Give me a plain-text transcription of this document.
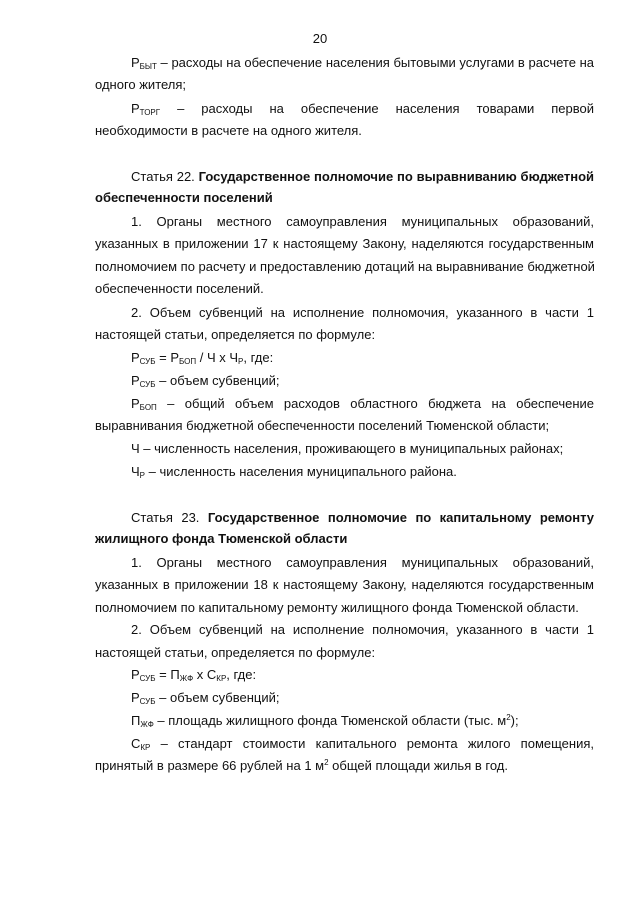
20
$Р_{БЫТ}$ – расходы на обеспечение населения бытовыми услугами в расчете на
одного жителя;
$Р_{ТОРГ}$ – расходы на обеспечение населения товарами первой
необходимости в расчете на одного жителя.
Статья 22. Государственное полномочие по выравниванию бюджетной
обеспеченности поселений
1. Органы местного самоуправления муниципальных образований,
указанных в приложении 17 к настоящему Закону, наделяются государственным
полномочием по расчету и предоставлению дотаций на выравнивание бюджетной
обеспеченности поселений.
2. Объем субвенций на исполнение полномочия, указанного в части 1
настоящей статьи, определяется по формуле:
$Р_{СУБ} = Р_{БОП} / Ч$ х $Ч_Р$, где:
$Р_{СУБ}$ – объем субвенций;
$Р_{БОП}$ – общий объем расходов областного бюджета на обеспечение
выравнивания бюджетной обеспеченности поселений Тюменской области;
Ч – численность населения, проживающего в муниципальных районах;
$Ч_Р$ – численность населения муниципального района.
Статья 23. Государственное полномочие по капитальному ремонту
жилищного фонда Тюменской области
1. Органы местного самоуправления муниципальных образований,
указанных в приложении 18 к настоящему Закону, наделяются государственным
полномочием по капитальному ремонту жилищного фонда Тюменской области.
2. Объем субвенций на исполнение полномочия, указанного в части 1
настоящей статьи, определяется по формуле:
$Р_{СУБ} = П_{ЖФ}$ х $С_{КР}$, где:
$Р_{СУБ}$ – объем субвенций;
$П_{ЖФ}$ – площадь жилищного фонда Тюменской области (тыс. $м^2$);
$С_{КР}$ – стандарт стоимости капитального ремонта жилого помещения,
принятый в размере 66 рублей на 1 $м^2$ общей площади жилья в год.
